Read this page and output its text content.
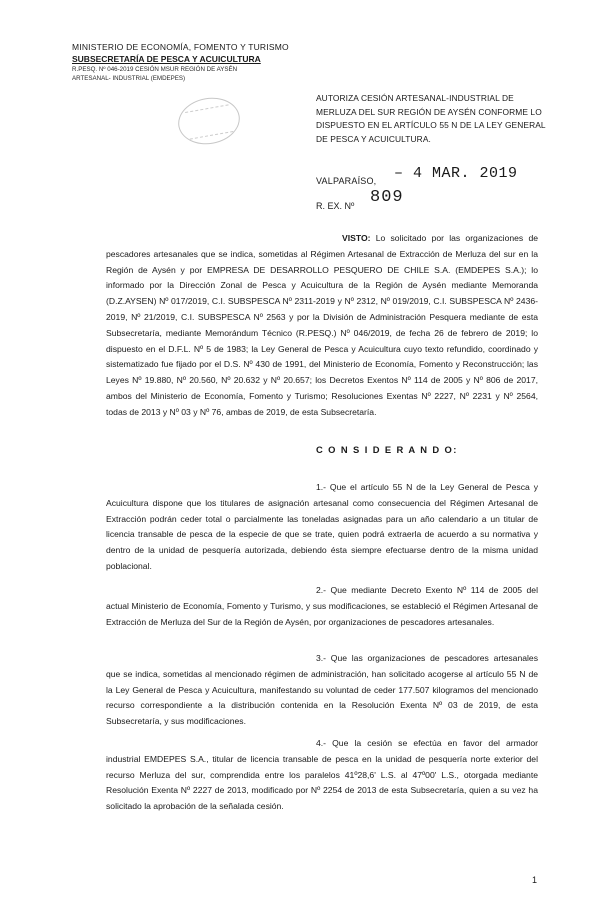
MINISTERIO DE ECONOMÍA, FOMENTO Y TURISMO
SUBSECRETARÍA DE PESCA Y ACUICULTURA
R.PESQ. Nº 046-2019 CESIÓN MSUR REGIÓN DE AYSÉN
ARTESANAL- INDUSTRIAL (EMDEPES)
AUTORIZA CESIÓN ARTESANAL-INDUSTRIAL DE MERLUZA DEL SUR REGIÓN DE AYSÉN CONFORME LO DISPUESTO EN EL ARTÍCULO 55 N DE LA LEY GENERAL DE PESCA Y ACUICULTURA.
VALPARAÍSO, – 4 MAR. 2019
R. EX. Nº 809
VISTO: Lo solicitado por las organizaciones de pescadores artesanales que se indica, sometidas al Régimen Artesanal de Extracción de Merluza del sur en la Región de Aysén y por EMPRESA DE DESARROLLO PESQUERO DE CHILE S.A. (EMDEPES S.A.); lo informado por la Dirección Zonal de Pesca y Acuicultura de la Región de Aysén mediante Memoranda (D.Z.AYSEN) Nº 017/2019, C.I. SUBSPESCA Nº 2311-2019 y Nº 2312, Nº 019/2019, C.I. SUBSPESCA Nº 2436-2019, Nº 21/2019, C.I. SUBSPESCA Nº 2563 y por la División de Administración Pesquera mediante de esta Subsecretaría, mediante Memorándum Técnico (R.PESQ.) Nº 046/2019, de fecha 26 de febrero de 2019; lo dispuesto en el D.F.L. Nº 5 de 1983; la Ley General de Pesca y Acuicultura cuyo texto refundido, coordinado y sistematizado fue fijado por el D.S. Nº 430 de 1991, del Ministerio de Economía, Fomento y Reconstrucción; las Leyes Nº 19.880, Nº 20.560, Nº 20.632 y Nº 20.657; los Decretos Exentos Nº 114 de 2005 y Nº 806 de 2017, ambos del Ministerio de Economía, Fomento y Turismo; Resoluciones Exentas Nº 2227, Nº 2231 y Nº 2564, todas de 2013 y Nº 03 y Nº 76, ambas de 2019, de esta Subsecretaría.
C O N S I D E R A N D O:
1.- Que el artículo 55 N de la Ley General de Pesca y Acuicultura dispone que los titulares de asignación artesanal como consecuencia del Régimen Artesanal de Extracción podrán ceder total o parcialmente las toneladas asignadas para un año calendario a un titular de licencia transable de pesca de la especie de que se trate, quien podrá extraerla de acuerdo a su normativa y dentro de la unidad de pesquería autorizada, debiendo ésta siempre efectuarse dentro de la misma unidad poblacional.
2.- Que mediante Decreto Exento Nº 114 de 2005 del actual Ministerio de Economía, Fomento y Turismo, y sus modificaciones, se estableció el Régimen Artesanal de Extracción de Merluza del Sur de la Región de Aysén, por organizaciones de pescadores artesanales.
3.- Que las organizaciones de pescadores artesanales que se indica, sometidas al mencionado régimen de administración, han solicitado acogerse al artículo 55 N de la Ley General de Pesca y Acuicultura, manifestando su voluntad de ceder 177.507 kilogramos del mencionado recurso correspondiente a la distribución contenida en la Resolución Exenta Nº 03 de 2019, de esta Subsecretaría, y sus modificaciones.
4.- Que la cesión se efectúa en favor del armador industrial EMDEPES S.A., titular de licencia transable de pesca en la unidad de pesquería norte exterior del recurso Merluza del sur, comprendida entre los paralelos 41º28,6' L.S. al 47º00' L.S., otorgada mediante Resolución Exenta Nº 2227 de 2013, modificado por Nº 2254 de 2013 de esta Subsecretaría, quien a su vez ha solicitado la aprobación de la señalada cesión.
1
